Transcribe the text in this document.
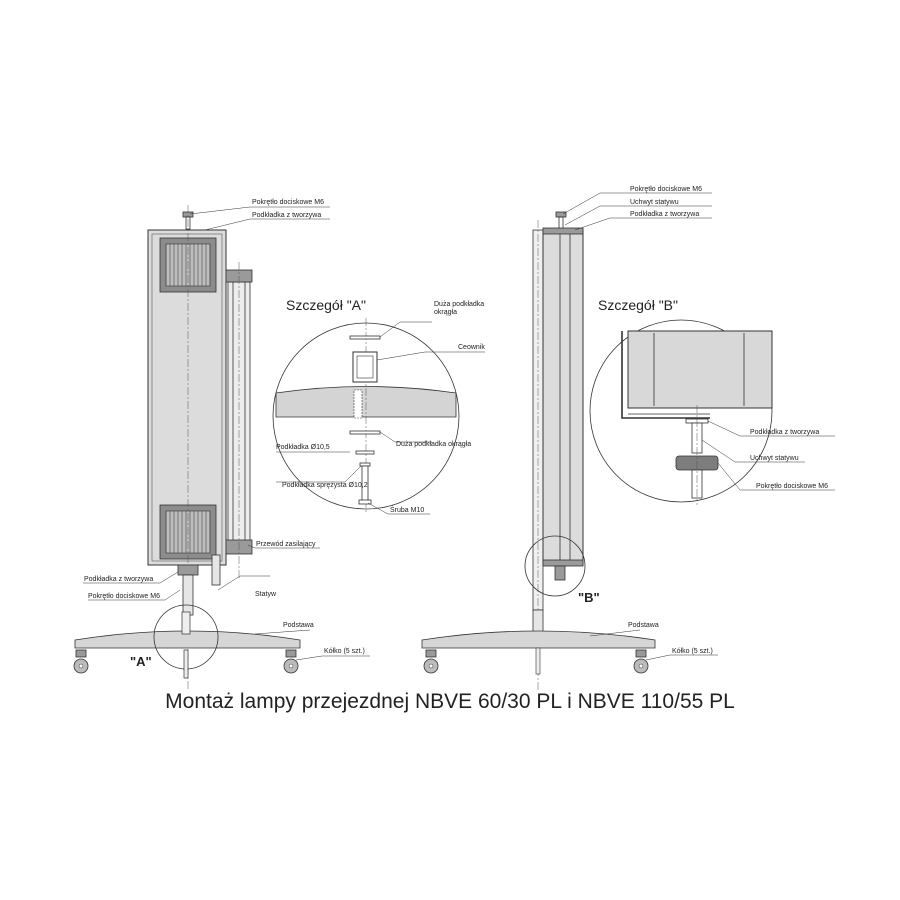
"A"
Pokrętło dociskowe M6
Podkładka z tworzywa
Przewód zasilający
Podkładka z tworzywa
Pokrętło dociskowe M6	Statyw
Podstawa
Kółko (5 szt.)
Szczegół "A"	Duża podkładka okrągła
Ceownik
Podkładka Ø10,5	Duża podkładka okrągła
Podkładka sprężysta Ø10,2
Śruba M10
"B"
Pokrętło dociskowe M6
Uchwyt statywu
Podkładka z tworzywa
Podstawa
Kółko (5 szt.)
Szczegół "B"
Podkładka z tworzywa
Uchwyt statywu
Pokrętło dociskowe M6
Montaż lampy przejezdnej NBVE 60/30 PL i NBVE 110/55 PL
